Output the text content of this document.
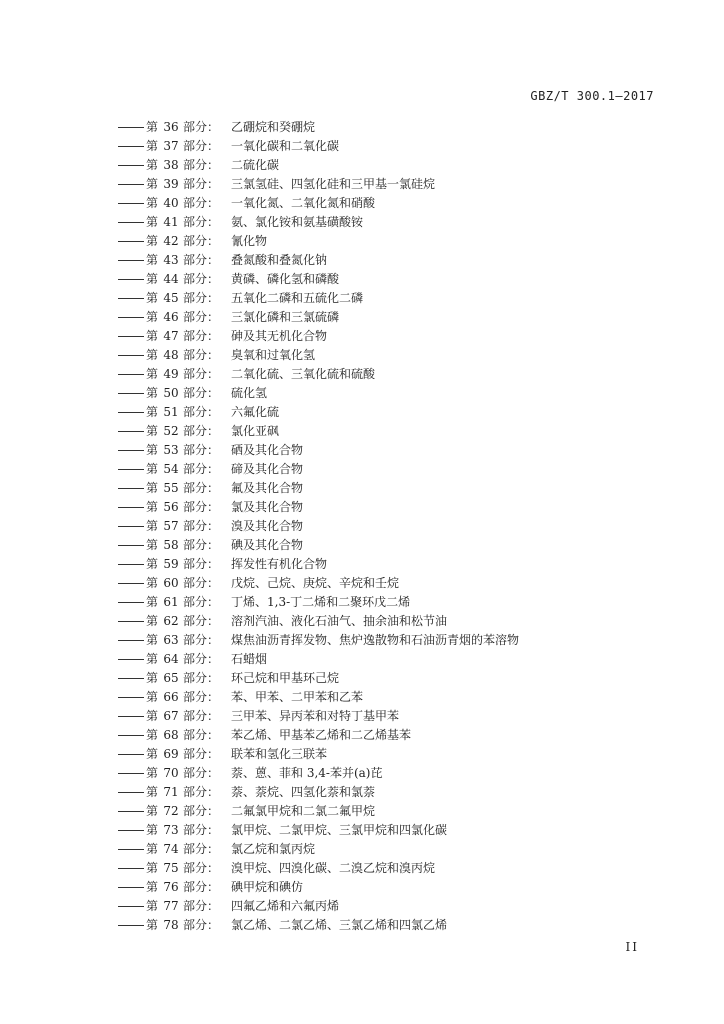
GBZ/T 300.1—2017
第 36 部分： 乙硼烷和癸硼烷
第 37 部分： 一氧化碳和二氧化碳
第 38 部分： 二硫化碳
第 39 部分： 三氯氢硅、四氢化硅和三甲基一氯硅烷
第 40 部分： 一氧化氮、二氧化氮和硝酸
第 41 部分： 氨、氯化铵和氨基磺酸铵
第 42 部分： 氰化物
第 43 部分： 叠氮酸和叠氮化钠
第 44 部分： 黄磷、磷化氢和磷酸
第 45 部分： 五氧化二磷和五硫化二磷
第 46 部分： 三氯化磷和三氯硫磷
第 47 部分： 砷及其无机化合物
第 48 部分： 臭氧和过氧化氢
第 49 部分： 二氧化硫、三氧化硫和硫酸
第 50 部分： 硫化氢
第 51 部分： 六氟化硫
第 52 部分： 氯化亚砜
第 53 部分： 硒及其化合物
第 54 部分： 碲及其化合物
第 55 部分： 氟及其化合物
第 56 部分： 氯及其化合物
第 57 部分： 溴及其化合物
第 58 部分： 碘及其化合物
第 59 部分： 挥发性有机化合物
第 60 部分： 戊烷、己烷、庚烷、辛烷和壬烷
第 61 部分： 丁烯、1,3-丁二烯和二聚环戊二烯
第 62 部分： 溶剂汽油、液化石油气、抽余油和松节油
第 63 部分： 煤焦油沥青挥发物、焦炉逸散物和石油沥青烟的苯溶物
第 64 部分： 石蜡烟
第 65 部分： 环己烷和甲基环己烷
第 66 部分： 苯、甲苯、二甲苯和乙苯
第 67 部分： 三甲苯、异丙苯和对特丁基甲苯
第 68 部分： 苯乙烯、甲基苯乙烯和二乙烯基苯
第 69 部分： 联苯和氢化三联苯
第 70 部分： 萘、蒽、菲和 3,4-苯并(a)芘
第 71 部分： 萘、萘烷、四氢化萘和氯萘
第 72 部分： 二氟氯甲烷和二氯二氟甲烷
第 73 部分： 氯甲烷、二氯甲烷、三氯甲烷和四氯化碳
第 74 部分： 氯乙烷和氯丙烷
第 75 部分： 溴甲烷、四溴化碳、二溴乙烷和溴丙烷
第 76 部分： 碘甲烷和碘仿
第 77 部分： 四氟乙烯和六氟丙烯
第 78 部分： 氯乙烯、二氯乙烯、三氯乙烯和四氯乙烯
II
